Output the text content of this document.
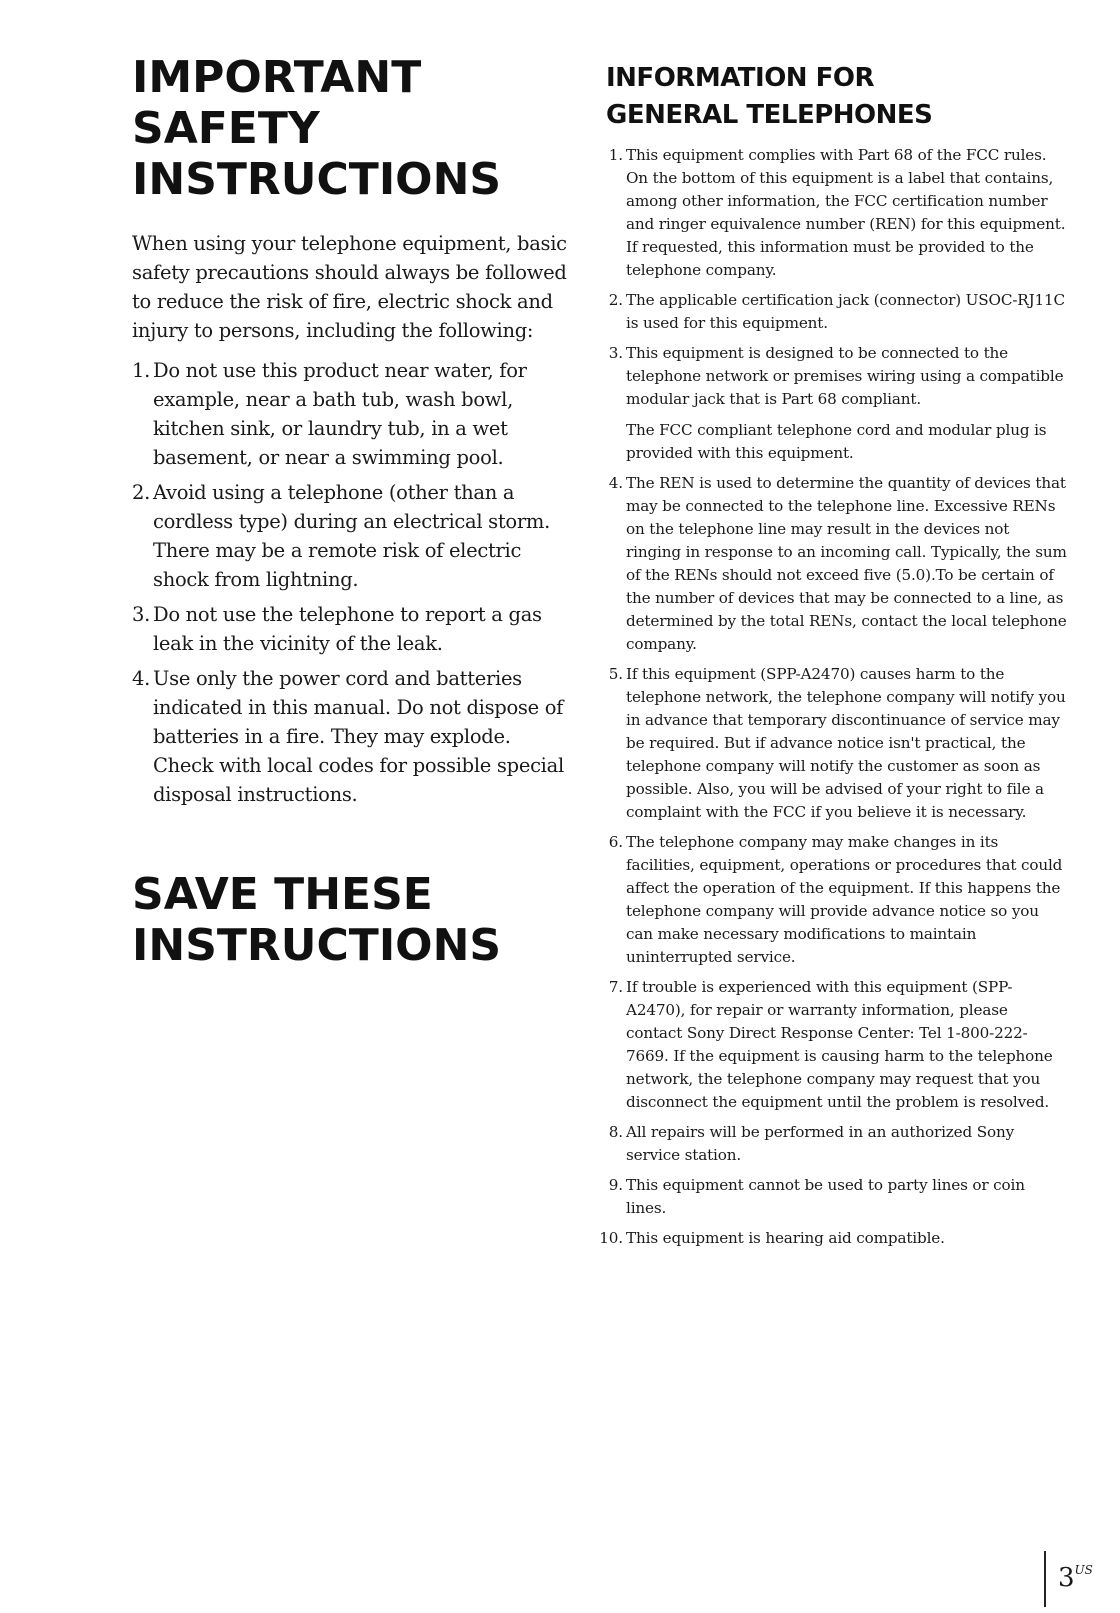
IMPORTANT
SAFETY
INSTRUCTIONS

When using your telephone equipment, basic safety precautions should always be followed to reduce the risk of fire, electric shock and injury to persons, including the following:

1. Do not use this product near water, for example, near a bath tub, wash bowl, kitchen sink, or laundry tub, in a wet basement, or near a swimming pool.
2. Avoid using a telephone (other than a cordless type) during an electrical storm. There may be a remote risk of electric shock from lightning.
3. Do not use the telephone to report a gas leak in the vicinity of the leak.
4. Use only the power cord and batteries indicated in this manual. Do not dispose of batteries in a fire. They may explode. Check with local codes for possible special disposal instructions.
SAVE THESE
INSTRUCTIONS
INFORMATION FOR
GENERAL TELEPHONES
1. This equipment complies with Part 68 of the FCC rules. On the bottom of this equipment is a label that contains, among other information, the FCC certification number and ringer equivalence number (REN) for this equipment. If requested, this information must be provided to the telephone company.
2. The applicable certification jack (connector) USOC-RJ11C is used for this equipment.
3. This equipment is designed to be connected to the telephone network or premises wiring using a compatible modular jack that is Part 68 compliant.
The FCC compliant telephone cord and modular plug is provided with this equipment.
4. The REN is used to determine the quantity of devices that may be connected to the telephone line. Excessive RENs on the telephone line may result in the devices not ringing in response to an incoming call. Typically, the sum of the RENs should not exceed five (5.0).To be certain of the number of devices that may be connected to a line, as determined by the total RENs, contact the local telephone company.
5. If this equipment (SPP-A2470) causes harm to the telephone network, the telephone company will notify you in advance that temporary discontinuance of service may be required. But if advance notice isn't practical, the telephone company will notify the customer as soon as possible. Also, you will be advised of your right to file a complaint with the FCC if you believe it is necessary.
6. The telephone company may make changes in its facilities, equipment, operations or procedures that could affect the operation of the equipment. If this happens the telephone company will provide advance notice so you can make necessary modifications to maintain uninterrupted service.
7. If trouble is experienced with this equipment (SPP-A2470), for repair or warranty information, please contact Sony Direct Response Center: Tel 1-800-222-7669. If the equipment is causing harm to the telephone network, the telephone company may request that you disconnect the equipment until the problem is resolved.
8. All repairs will be performed in an authorized Sony service station.
9. This equipment cannot be used to party lines or coin lines.
10. This equipment is hearing aid compatible.
$3^{US}$
